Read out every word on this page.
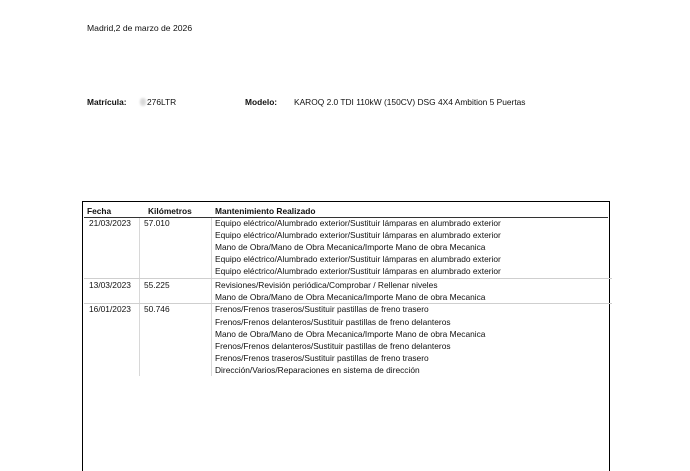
Madrid,2 de marzo de 2026
Matrícula:	276LTR	Modelo: KAROQ 2.0 TDI 110kW (150CV) DSG 4X4 Ambition 5 Puertas
Fecha	Kilómetros	Mantenimiento Realizado
21/03/2023 57.010	Equipo eléctrico/Alumbrado exterior/Sustituir lámparas en alumbrado exterior
Equipo eléctrico/Alumbrado exterior/Sustituir lámparas en alumbrado exterior
Mano de Obra/Mano de Obra Mecanica/Importe Mano de obra Mecanica
Equipo eléctrico/Alumbrado exterior/Sustituir lámparas en alumbrado exterior
Equipo eléctrico/Alumbrado exterior/Sustituir lámparas en alumbrado exterior
13/03/2023 55.225	Revisiones/Revisión periódica/Comprobar / Rellenar niveles
Mano de Obra/Mano de Obra Mecanica/Importe Mano de obra Mecanica
16/01/2023 50.746	Frenos/Frenos traseros/Sustituir pastillas de freno trasero
Frenos/Frenos delanteros/Sustituir pastillas de freno delanteros
Mano de Obra/Mano de Obra Mecanica/Importe Mano de obra Mecanica
Frenos/Frenos delanteros/Sustituir pastillas de freno delanteros
Frenos/Frenos traseros/Sustituir pastillas de freno trasero
Dirección/Varios/Reparaciones en sistema de dirección
